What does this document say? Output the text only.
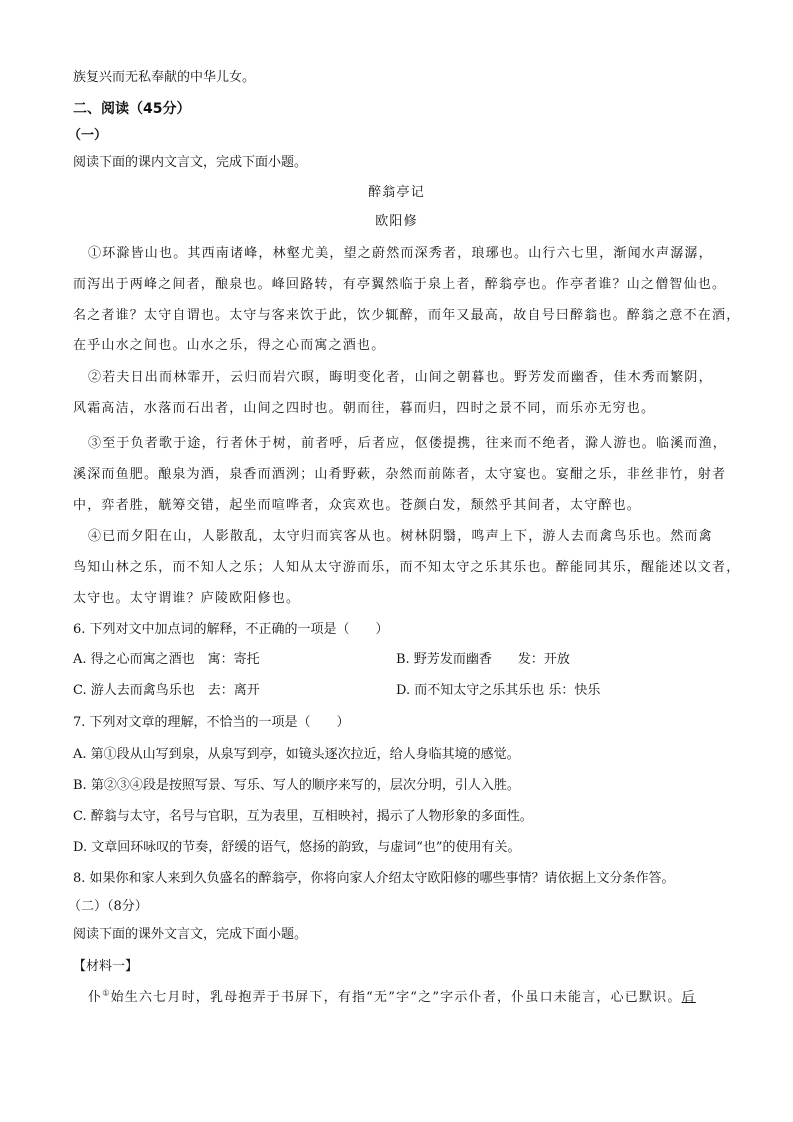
族复兴而无私奉献的中华儿女。
二、阅读（45分）
（一）
阅读下面的课内文言文，完成下面小题。
醉翁亭记
欧阳修
①环滁皆山也。其西南诸峰，林壑尤美，望之蔚然而深秀者，琅琊也。山行六七里，渐闻水声潺潺，
而泻出于两峰之间者，酿泉也。峰回路转，有亭翼然临于泉上者，醉翁亭也。作亭者谁？山之僧智仙也。
名之者谁？太守自谓也。太守与客来饮于此，饮少辄醉，而年又最高，故自号曰醉翁也。醉翁之意不在酒，
在乎山水之间也。山水之乐，得之心而寓之酒也。
②若夫日出而林霏开，云归而岩穴暝，晦明变化者，山间之朝暮也。野芳发而幽香，佳木秀而繁阴，
风霜高洁，水落而石出者，山间之四时也。朝而往，暮而归，四时之景不同，而乐亦无穷也。
③至于负者歌于途，行者休于树，前者呼，后者应，伛偻提携，往来而不绝者，滁人游也。临溪而渔，
溪深而鱼肥。酿泉为酒，泉香而酒洌；山肴野蔌，杂然而前陈者，太守宴也。宴酣之乐，非丝非竹，射者
中，弈者胜，觥筹交错，起坐而喧哗者，众宾欢也。苍颜白发，颓然乎其间者，太守醉也。
④已而夕阳在山，人影散乱，太守归而宾客从也。树林阴翳，鸣声上下，游人去而禽鸟乐也。然而禽
鸟知山林之乐，而不知人之乐；人知从太守游而乐，而不知太守之乐其乐也。醉能同其乐，醒能述以文者，
太守也。太守谓谁？庐陵欧阳修也。
6. 下列对文中加点词的解释，不正确的一项是（　　）
A. 得之心而寓之酒也　寓：寄托	B. 野芳发而幽香　　发：开放
C. 游人去而禽鸟乐也　去：离开	D. 而不知太守之乐其乐也 乐：快乐
7. 下列对文章的理解，不恰当的一项是（　　）
A. 第①段从山写到泉，从泉写到亭，如镜头逐次拉近，给人身临其境的感觉。
B. 第②③④段是按照写景、写乐、写人的顺序来写的，层次分明，引人入胜。
C. 醉翁与太守，名号与官职，互为表里，互相映衬，揭示了人物形象的多面性。
D. 文章回环咏叹的节奏，舒缓的语气，悠扬的韵致，与虚词“也”的使用有关。
8. 如果你和家人来到久负盛名的醉翁亭，你将向家人介绍太守欧阳修的哪些事情？请依据上文分条作答。
（二）（8分）
阅读下面的课外文言文，完成下面小题。
【材料一】
仆①始生六七月时，乳母抱弄于书屏下，有指“无”字“之”字示仆者，仆虽口未能言，心已默识。后
